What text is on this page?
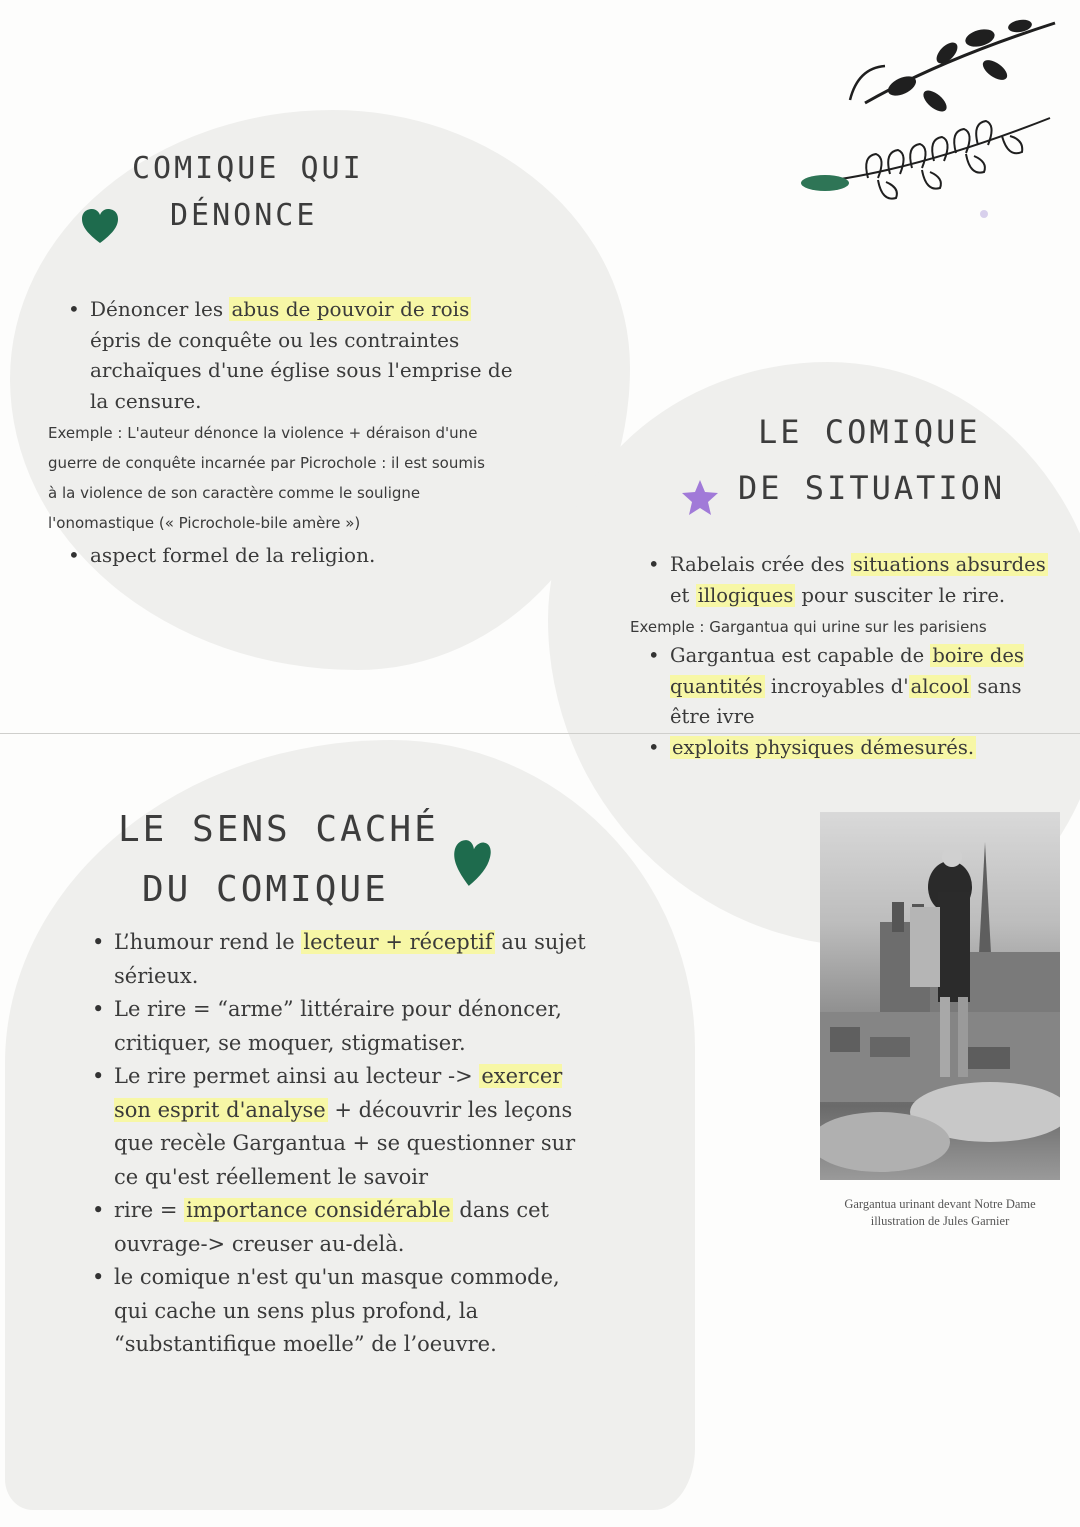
COMIQUE QUI
DÉNONCE
• Dénoncer les abus de pouvoir de rois épris de conquête ou les contraintes archaïques d'une église sous l'emprise de la censure.

Exemple : L'auteur dénonce la violence + déraison d'une
guerre de conquête incarnée par Picrochole : il est soumis
à la violence de son caractère comme le souligne
l'onomastique (« Picrochole-bile amère »)

• aspect formel de la religion.
LE COMIQUE
DE SITUATION
• Rabelais crée des situations absurdes et illogiques pour susciter le rire.

Exemple : Gargantua qui urine sur les parisiens

• Gargantua est capable de boire des quantités incroyables d' alcool sans être ivre
• exploits physiques démesurés.
LE SENS CACHÉ
DU COMIQUE
• L’humour rend le lecteur + réceptif au sujet sérieux.
• Le rire = “arme” littéraire pour dénoncer, critiquer, se moquer, stigmatiser.
• Le rire permet ainsi au lecteur -> exercer son esprit d'analyse + découvrir les leçons que recèle Gargantua + se questionner sur ce qu'est réellement le savoir
• rire = importance considérable dans cet ouvrage-> creuser au-delà.
• le comique n'est qu'un masque commode, qui cache un sens plus profond, la “substantifique moelle” de l’oeuvre.
Gargantua urinant devant Notre Dame
illustration de Jules Garnier
